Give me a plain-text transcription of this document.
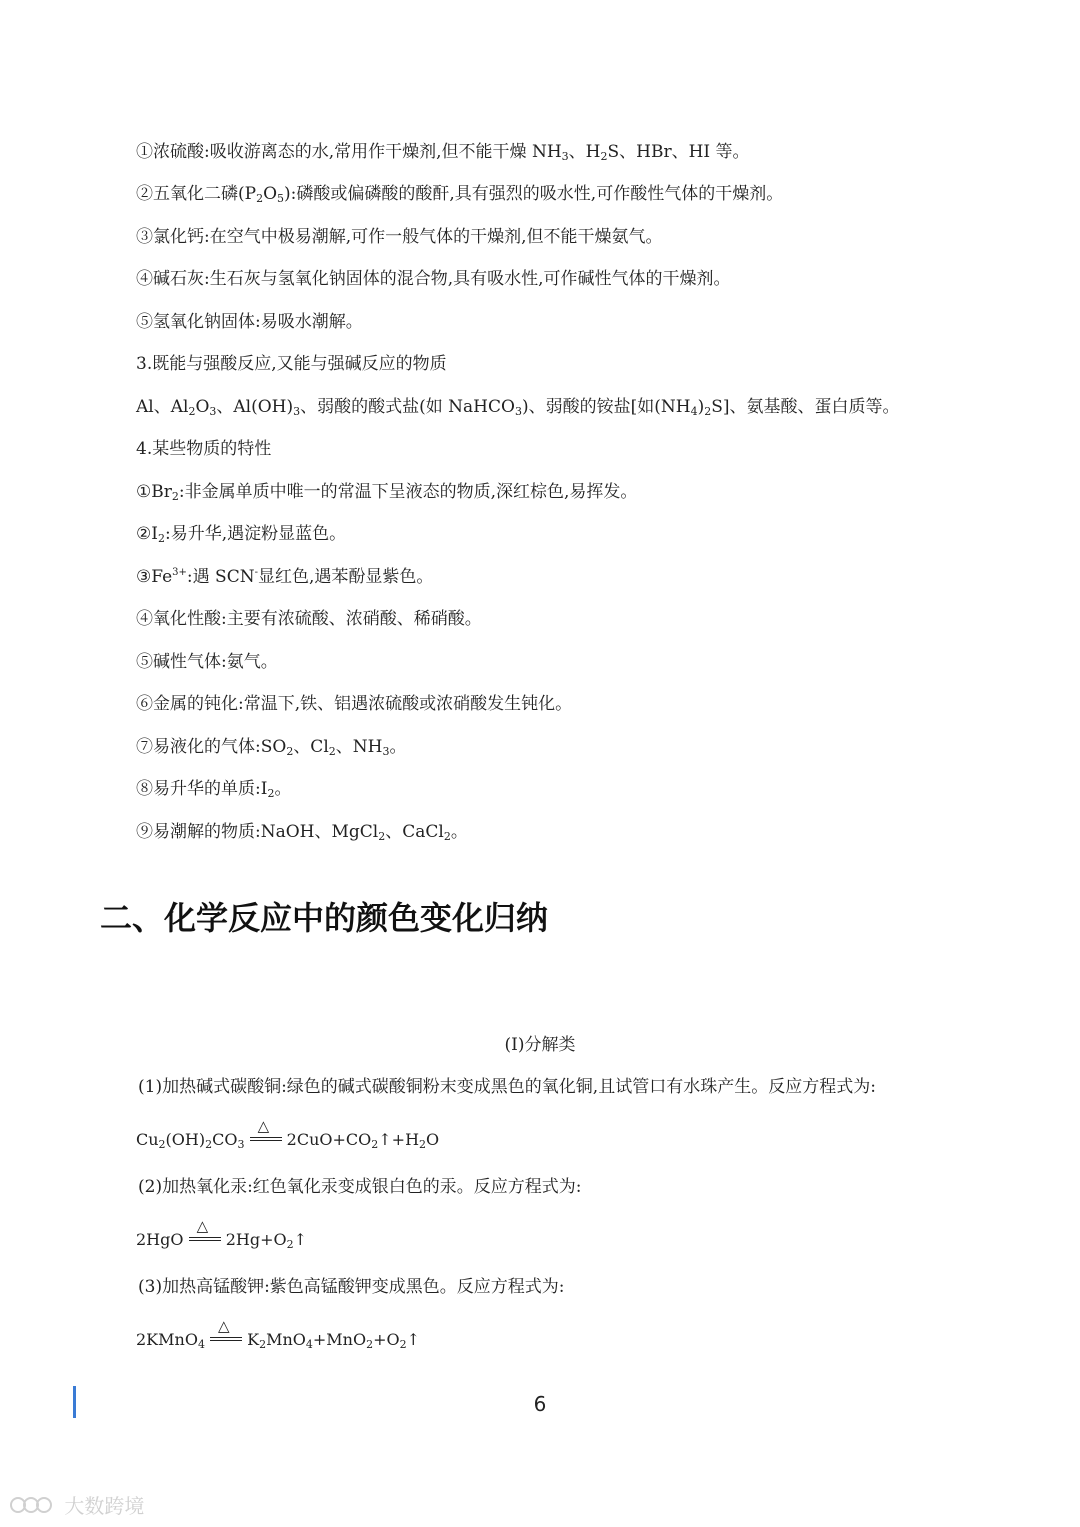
①浓硫酸:吸收游离态的水,常用作干燥剂,但不能干燥 $NH_3$、$H_2S$、HBr、HI 等。
②五氧化二磷$(P_2O_5)$:磷酸或偏磷酸的酸酐,具有强烈的吸水性,可作酸性气体的干燥剂。
③氯化钙:在空气中极易潮解,可作一般气体的干燥剂,但不能干燥氨气。
④碱石灰:生石灰与氢氧化钠固体的混合物,具有吸水性,可作碱性气体的干燥剂。
⑤氢氧化钠固体:易吸水潮解。
3.既能与强酸反应,又能与强碱反应的物质
Al、$Al_2O_3$、$Al(OH)_3$、弱酸的酸式盐(如 NaHCO$_3$)、弱酸的铵盐[如$(NH_4)_2S$]、氨基酸、蛋白质等。
4.某些物质的特性
$①Br_2$:非金属单质中唯一的常温下呈液态的物质,深红棕色,易挥发。
$②I_2$:易升华,遇淀粉显蓝色。
$③Fe^{3+}$:遇 SCN-显红色,遇苯酚显紫色。
④氧化性酸:主要有浓硫酸、浓硝酸、稀硝酸。
⑤碱性气体:氨气。
⑥金属的钝化:常温下,铁、铝遇浓硫酸或浓硝酸发生钝化。
⑦易液化的气体$:SO_2$、$Cl_2$、$NH_3$。
⑧易升华的单质$:I_2$。
⑨易潮解的物质:NaOH、MgCl$_2$、CaCl$_2$。
二、化学反应中的颜色变化归纳
(I)分解类
(1)加热碱式碳酸铜:绿色的碱式碳酸铜粉末变成黑色的氧化铜,且试管口有水珠产生。反应方程式为:
$Cu_2(OH)_2CO_3$
△
$2CuO+CO_2↑+H_2O$
(2)加热氧化汞:红色氧化汞变成银白色的汞。反应方程式为:
2HgO
△
$2Hg+O_2↑$
(3)加热高锰酸钾:紫色高锰酸钾变成黑色。反应方程式为:
2KMnO$_4$
△
$K_2MnO_4+MnO_2+O_2↑$
6
大数跨境
